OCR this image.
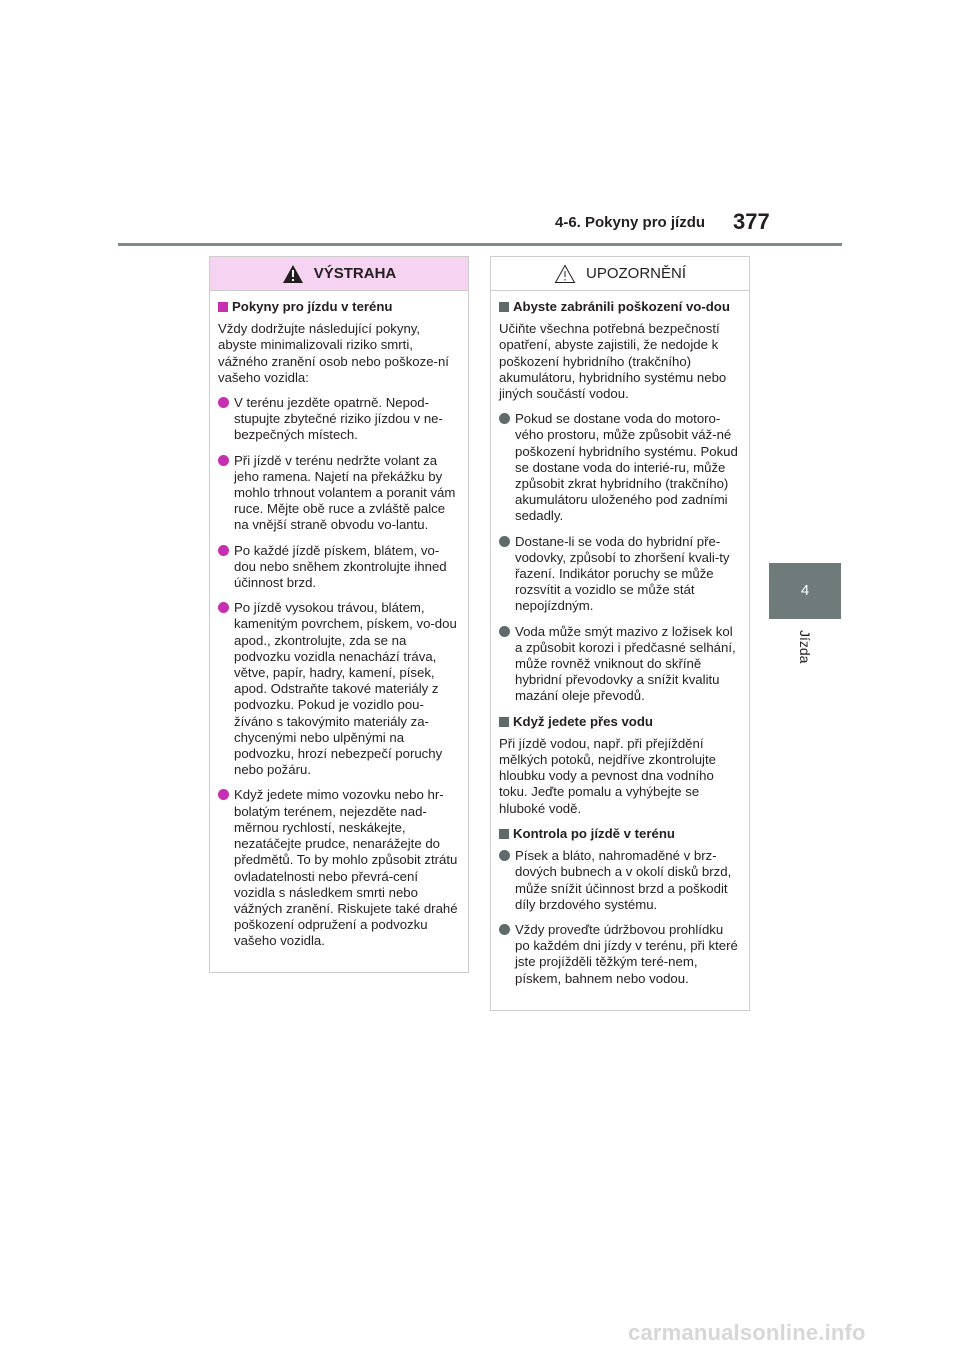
4-6. Pokyny pro jízdu 377
4
Jízda
VÝSTRAHA
Pokyny pro jízdu v terénu
Vždy dodržujte následující pokyny, abyste minimalizovali riziko smrti, vážného zranění osob nebo poškoze-ní vašeho vozidla:
V terénu jezděte opatrně. Nepod-stupujte zbytečné riziko jízdou v ne-bezpečných místech.
Při jízdě v terénu nedržte volant za jeho ramena. Najetí na překážku by mohlo trhnout volantem a poranit vám ruce. Mějte obě ruce a zvláště palce na vnější straně obvodu vo-lantu.
Po každé jízdě pískem, blátem, vo-dou nebo sněhem zkontrolujte ihned účinnost brzd.
Po jízdě vysokou trávou, blátem, kamenitým povrchem, pískem, vo-dou apod., zkontrolujte, zda se na podvozku vozidla nenachází tráva, větve, papír, hadry, kamení, písek, apod. Odstraňte takové materiály z podvozku. Pokud je vozidlo pou-žíváno s takovýmito materiály za-chycenými nebo ulpěnými na podvozku, hrozí nebezpečí poruchy nebo požáru.
Když jedete mimo vozovku nebo hr-bolatým terénem, nejezděte nad-měrnou rychlostí, neskákejte, nezatáčejte prudce, nenarážejte do předmětů. To by mohlo způsobit ztrátu ovladatelnosti nebo převrá-cení vozidla s následkem smrti nebo vážných zranění. Riskujete také drahé poškození odpružení a podvozku vašeho vozidla.
UPOZORNĚNÍ
Abyste zabránili poškození vo-dou
Učiňte všechna potřebná bezpečností opatření, abyste zajistili, že nedojde k poškození hybridního (trakčního) akumulátoru, hybridního systému nebo jiných součástí vodou.
Pokud se dostane voda do motoro-vého prostoru, může způsobit váž-né poškození hybridního systému. Pokud se dostane voda do interié-ru, může způsobit zkrat hybridního (trakčního) akumulátoru uloženého pod zadními sedadly.
Dostane-li se voda do hybridní pře-vodovky, způsobí to zhoršení kvali-ty řazení. Indikátor poruchy se může rozsvítit a vozidlo se může stát nepojízdným.
Voda může smýt mazivo z ložisek kol a způsobit korozi i předčasné selhání, může rovněž vniknout do skříně hybridní převodovky a snížit kvalitu mazání oleje převodů.
Když jedete přes vodu
Při jízdě vodou, např. při přejíždění mělkých potoků, nejdříve zkontrolujte hloubku vody a pevnost dna vodního toku. Jeďte pomalu a vyhýbejte se hluboké vodě.
Kontrola po jízdě v terénu
Písek a bláto, nahromaděné v brz-dových bubnech a v okolí disků brzd, může snížit účinnost brzd a poškodit díly brzdového systému.
Vždy proveďte údržbovou prohlídku po každém dni jízdy v terénu, při které jste projížděli těžkým teré-nem, pískem, bahnem nebo vodou.
carmanualsonline.info
